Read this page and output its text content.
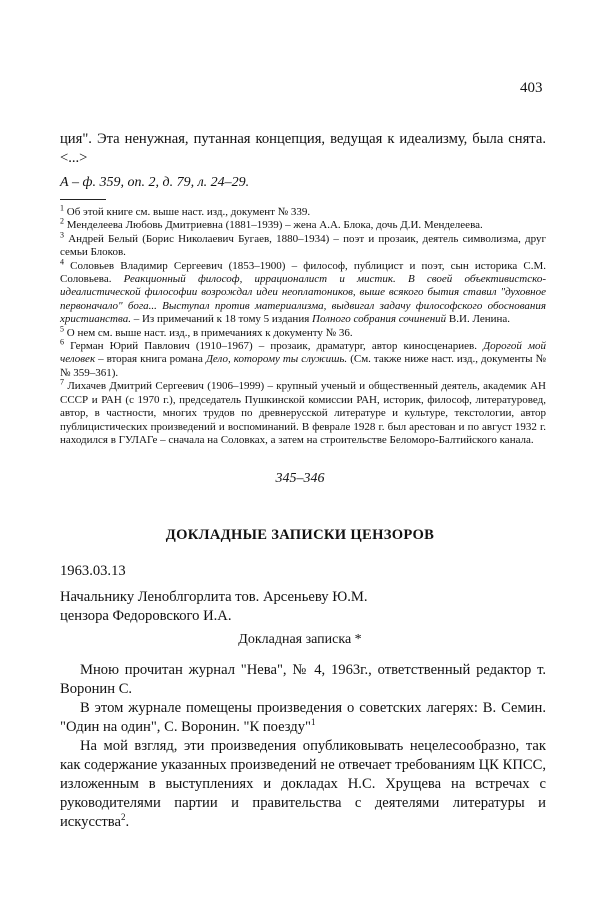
403

ция". Эта ненужная, путанная концепция, ведущая к идеализму, была снята. <...>

А – ф. 359, оп. 2, д. 79, л. 24–29.

$^1$ Об этой книге см. выше наст. изд., документ № 339.

$^2$ Менделеева Любовь Дмитриевна (1881–1939) – жена А.А. Блока, дочь Д.И. Менделеева.

$^3$ Андрей Белый (Борис Николаевич Бугаев, 1880–1934) – поэт и прозаик, деятель символизма, друг семьи Блоков.

$^4$ Соловьев Владимир Сергеевич (1853–1900) – философ, публицист и поэт, сын историка С.М. Соловьева. Реакционный философ, иррационалист и мистик. В своей объективистско-идеалистической философии возрождал идеи неоплатоников, выше всякого бытия ставил "духовное первоначало" бога... Выступал против материализма, выдвигал задачу философского обоснования христианства. – Из примечаний к 18 тому 5 издания Полного собрания сочинений В.И. Ленина.

$^5$ О нем см. выше наст. изд., в примечаниях к документу № 36.

$^6$ Герман Юрий Павлович (1910–1967) – прозаик, драматург, автор киносценариев. Дорогой мой человек – вторая книга романа Дело, которому ты служишь. (См. также ниже наст. изд., документы №№ 359–361).

$^7$ Лихачев Дмитрий Сергеевич (1906–1999) – крупный ученый и общественный деятель, академик АН СССР и РАН (с 1970 г.), председатель Пушкинской комиссии РАН, историк, философ, литературовед, автор, в частности, многих трудов по древнерусской литературе и культуре, текстологии, автор публицистических произведений и воспоминаний. В феврале 1928 г. был арестован и по август 1932 г. находился в ГУЛАГе – сначала на Соловках, а затем на строительстве Беломоро-Балтийского канала.

345–346
ДОКЛАДНЫЕ ЗАПИСКИ ЦЕНЗОРОВ
1963.03.13
Начальнику Леноблгорлита тов. Арсеньеву Ю.М.
цензора Федоровского И.А.
Докладная записка *

Мною прочитан журнал "Нева", № 4, 1963г., ответственный редактор т. Воронин С.

В этом журнале помещены произведения о советских лагерях: В. Семин. "Один на один", С. Воронин. "К поезду"$^1$

На мой взгляд, эти произведения опубликовывать нецелесообразно, так как содержание указанных произведений не отвечает требованиям ЦК КПСС, изложенным в выступлениях и докладах Н.С. Хрущева на встречах с руководителями партии и правительства с деятелями литературы и искусства$^2$.
